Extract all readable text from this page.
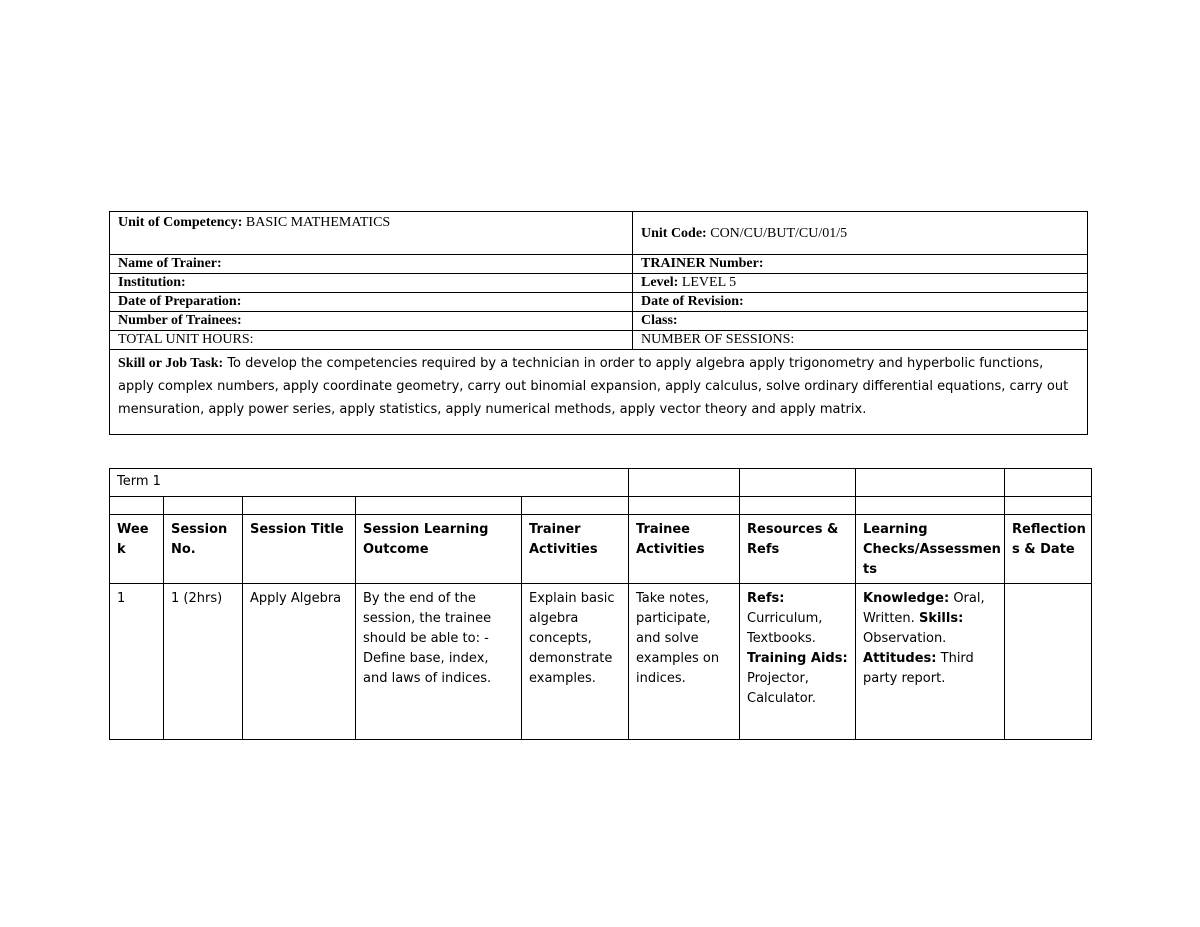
Unit of Competency: BASIC MATHEMATICS	Unit Code: CON/CU/BUT/CU/01/5
Name of Trainer:	TRAINER Number:
Institution:	Level: LEVEL 5
Date of Preparation:	Date of Revision:
Number of Trainees:	Class:
TOTAL UNIT HOURS:	NUMBER OF SESSIONS:
Skill or Job Task: To develop the competencies required by a technician in order to apply algebra apply trigonometry and hyperbolic functions, apply complex numbers, apply coordinate geometry, carry out binomial expansion, apply calculus, solve ordinary differential equations, carry out mensuration, apply power series, apply statistics, apply numerical methods, apply vector theory and apply matrix.	
Term 1								

Wee k	Session No.	Session Title	Session Learning Outcome	Trainer Activities	Trainee Activities	Resources & Refs	Learning Checks/Assessmen ts	Reflection s & Date
1	1 (2hrs)	Apply Algebra	By the end of the session, the trainee should be able to: - Define base, index, and laws of indices.	Explain basic algebra concepts, demonstrate examples.	Take notes, participate, and solve examples on indices.	Refs: Curriculum, Textbooks. Training Aids: Projector, Calculator.	Knowledge: Oral, Written. Skills: Observation. Attitudes: Third party report.	
